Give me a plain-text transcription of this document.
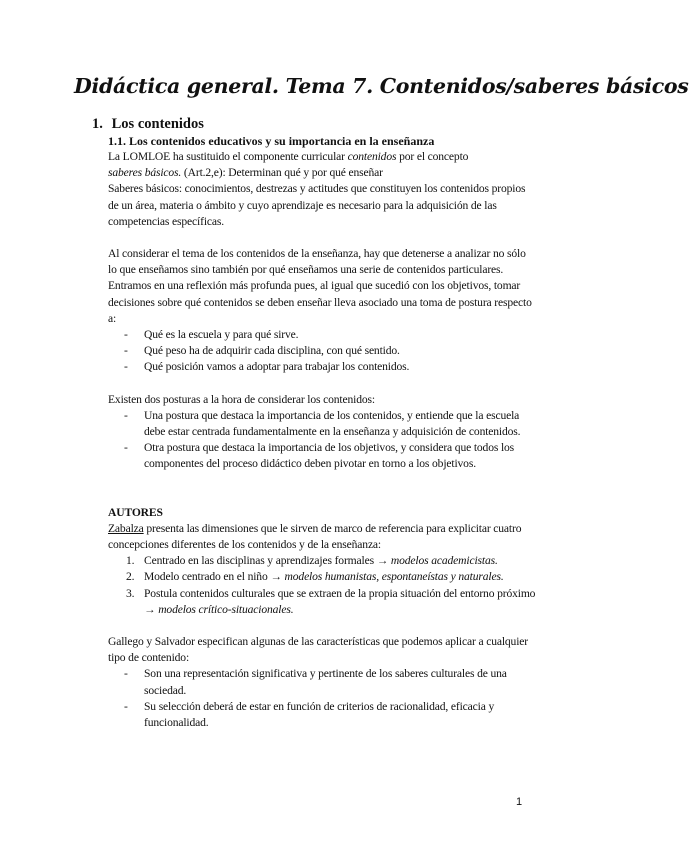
Didáctica general. Tema 7. Contenidos/saberes básicos
1. Los contenidos
1.1. Los contenidos educativos y su importancia en la enseñanza

La LOMLOE ha sustituido el componente curricular contenidos por el concepto
saberes básicos. (Art.2,e): Determinan qué y por qué enseñar

Saberes básicos: conocimientos, destrezas y actitudes que constituyen los contenidos propios de un área, materia o ámbito y cuyo aprendizaje es necesario para la adquisición de las competencias específicas.

Al considerar el tema de los contenidos de la enseñanza, hay que detenerse a analizar no sólo lo que enseñamos sino también por qué enseñamos una serie de contenidos particulares. Entramos en una reflexión más profunda pues, al igual que sucedió con los objetivos, tomar decisiones sobre qué contenidos se deben enseñar lleva asociado una toma de postura respecto a:

- Qué es la escuela y para qué sirve.
- Qué peso ha de adquirir cada disciplina, con qué sentido.
- Qué posición vamos a adoptar para trabajar los contenidos.

Existen dos posturas a la hora de considerar los contenidos:

- Una postura que destaca la importancia de los contenidos, y entiende que la escuela debe estar centrada fundamentalmente en la enseñanza y adquisición de contenidos.
- Otra postura que destaca la importancia de los objetivos, y considera que todos los componentes del proceso didáctico deben pivotar en torno a los objetivos.

AUTORES

Zabalza presenta las dimensiones que le sirven de marco de referencia para explicitar cuatro concepciones diferentes de los contenidos y de la enseñanza:

1. Centrado en las disciplinas y aprendizajes formales → modelos academicistas.
2. Modelo centrado en el niño → modelos humanistas, espontaneístas y naturales.
3. Postula contenidos culturales que se extraen de la propia situación del entorno próximo → modelos crítico-situacionales.

Gallego y Salvador especifican algunas de las características que podemos aplicar a cualquier tipo de contenido:

- Son una representación significativa y pertinente de los saberes culturales de una sociedad.
- Su selección deberá de estar en función de criterios de racionalidad, eficacia y funcionalidad.
1
